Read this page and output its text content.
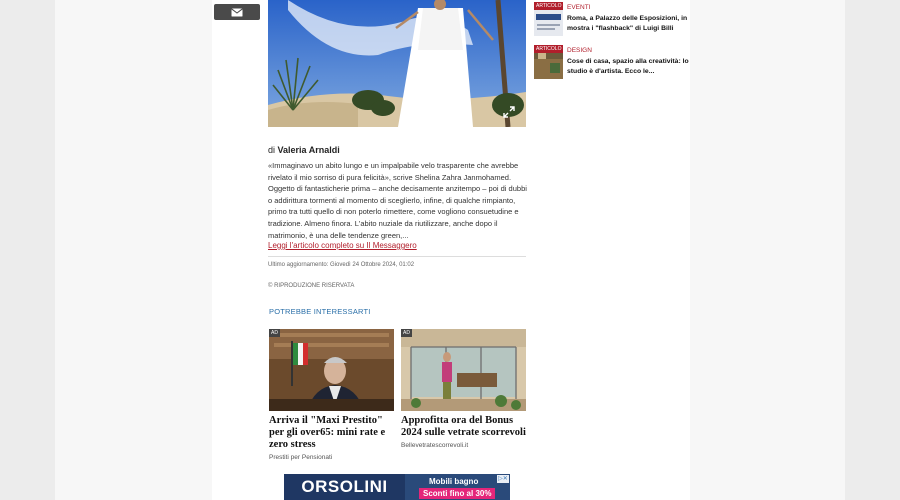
di Valeria Arnaldi
«Immaginavo un abito lungo e un impalpabile velo trasparente che avrebbe rivelato il mio sorriso di pura felicità», scrive Shelina Zahra Janmohamed. Oggetto di fantasticherie prima – anche decisamente anzitempo – poi di dubbi o addirittura tormenti al momento di sceglierlo, infine, di qualche rimpianto, primo tra tutti quello di non poterlo rimettere, come vogliono consuetudine e tradizione. Almeno finora. L'abito nuziale da riutilizzare, anche dopo il matrimonio, è una delle tendenze green,...
Leggi l'articolo completo su Il Messaggero
Ultimo aggiornamento: Giovedì 24 Ottobre 2024, 01:02
© RIPRODUZIONE RISERVATA
POTREBBE INTERESSARTI
AD
Arriva il "Maxi Prestito" per gli over65: mini rate e zero stress
Prestiti per Pensionati
AD
Approfitta ora del Bonus 2024 sulle vetrate scorrevoli
Bellevetratescorrevoli.it
ARTICOLO EVENTI
Roma, a Palazzo delle Esposizioni, in mostra i "flashback" di Luigi Billi
ARTICOLO DESIGN
Cose di casa, spazio alla creatività: lo studio è d'artista. Ecco le...
ORSOLINI	Mobili bagno
Sconti fino al 30%
▷✕
